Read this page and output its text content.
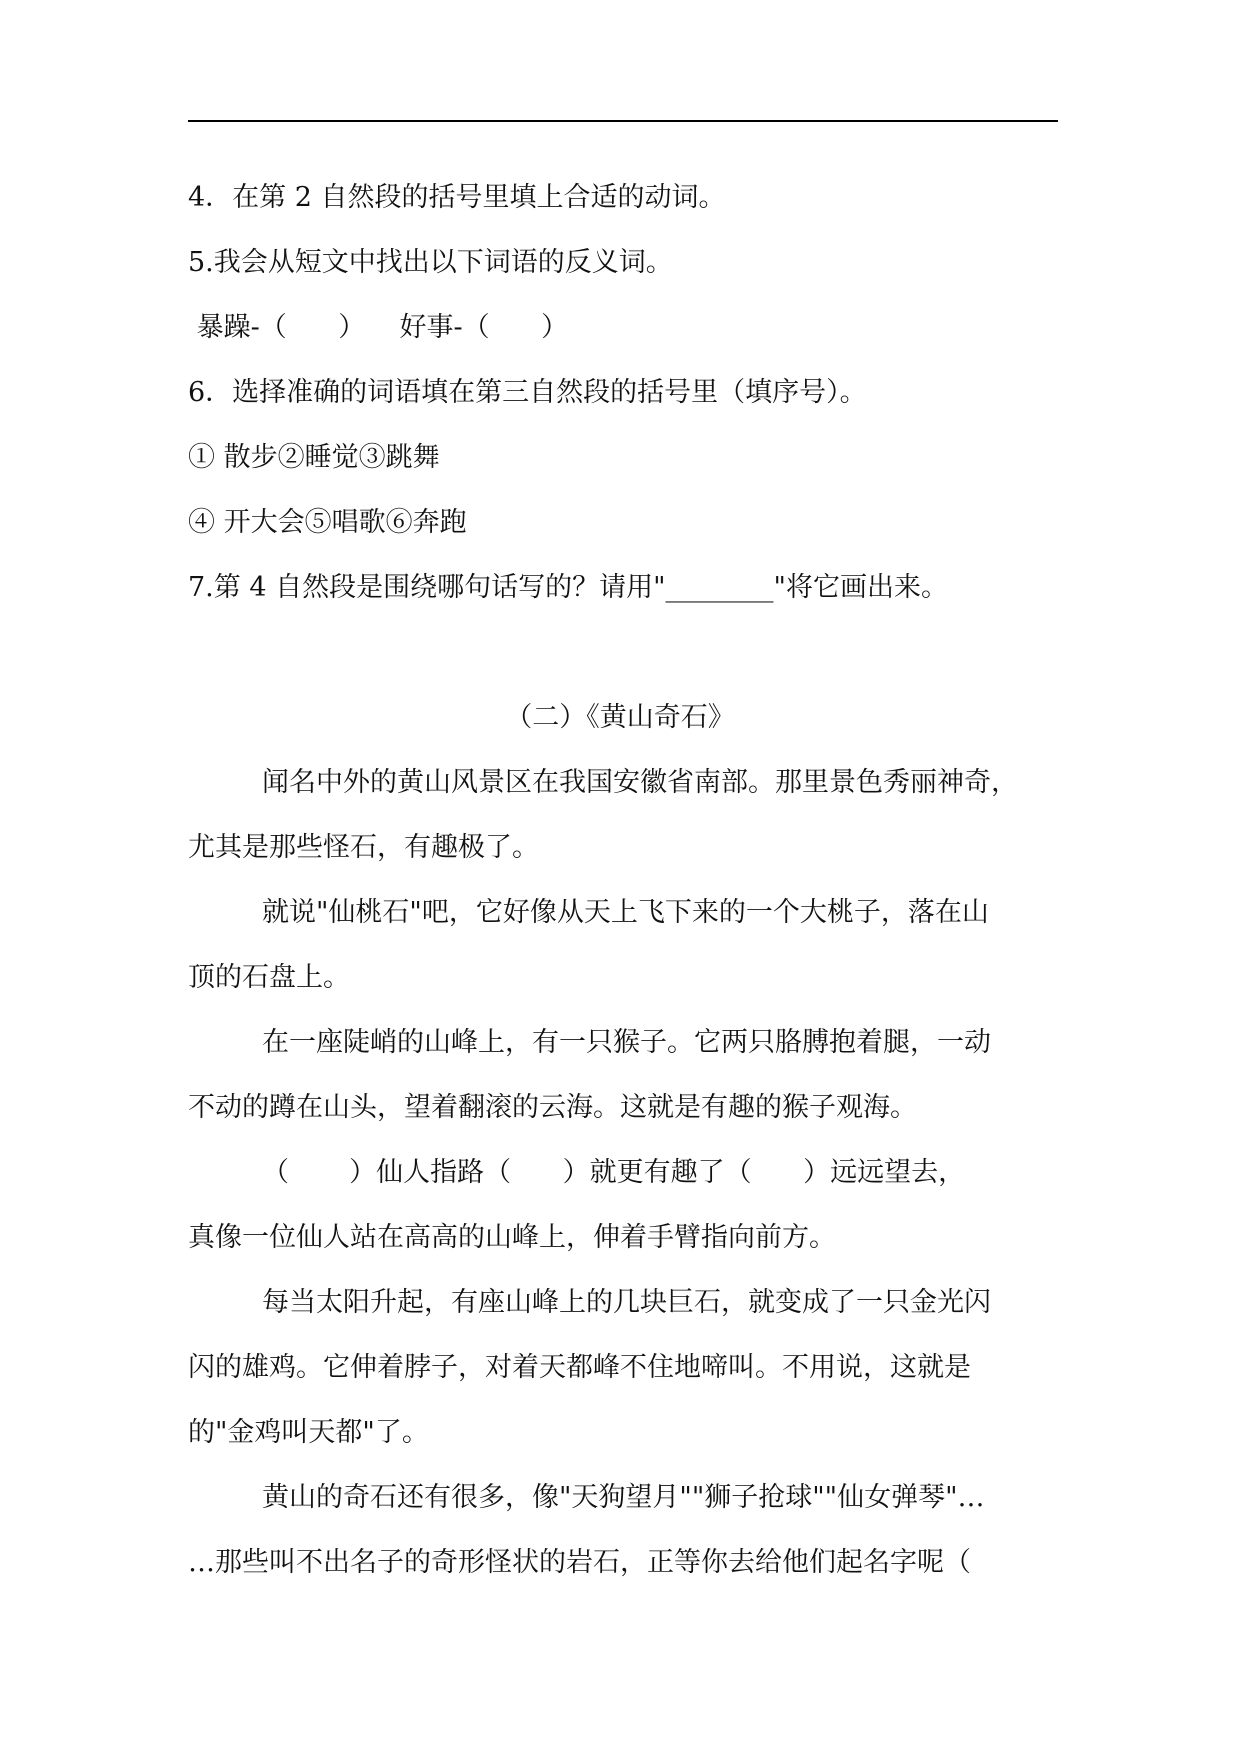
4．在第 2 自然段的括号里填上合适的动词。
5.我会从短文中找出以下词语的反义词。
暴躁-（      ）    好事-（      ）
6．选择准确的词语填在第三自然段的括号里（填序号）。
① 散步②睡觉③跳舞
④ 开大会⑤唱歌⑥奔跑
7.第 4 自然段是围绕哪句话写的？请用"________"将它画出来。
（二）《黄山奇石》
闻名中外的黄山风景区在我国安徽省南部。那里景色秀丽神奇，
尤其是那些怪石，有趣极了。
就说"仙桃石"吧，它好像从天上飞下来的一个大桃子，落在山
顶的石盘上。
在一座陡峭的山峰上，有一只猴子。它两只胳膊抱着腿，一动
不动的蹲在山头，望着翻滚的云海。这就是有趣的猴子观海。
（       ）仙人指路（      ）就更有趣了（      ）远远望去，
真像一位仙人站在高高的山峰上，伸着手臂指向前方。
每当太阳升起，有座山峰上的几块巨石，就变成了一只金光闪
闪的雄鸡。它伸着脖子，对着天都峰不住地啼叫。不用说，这就是
的"金鸡叫天都"了。
黄山的奇石还有很多，像"天狗望月""狮子抢球""仙女弹琴"…
…那些叫不出名子的奇形怪状的岩石，正等你去给他们起名字呢（
